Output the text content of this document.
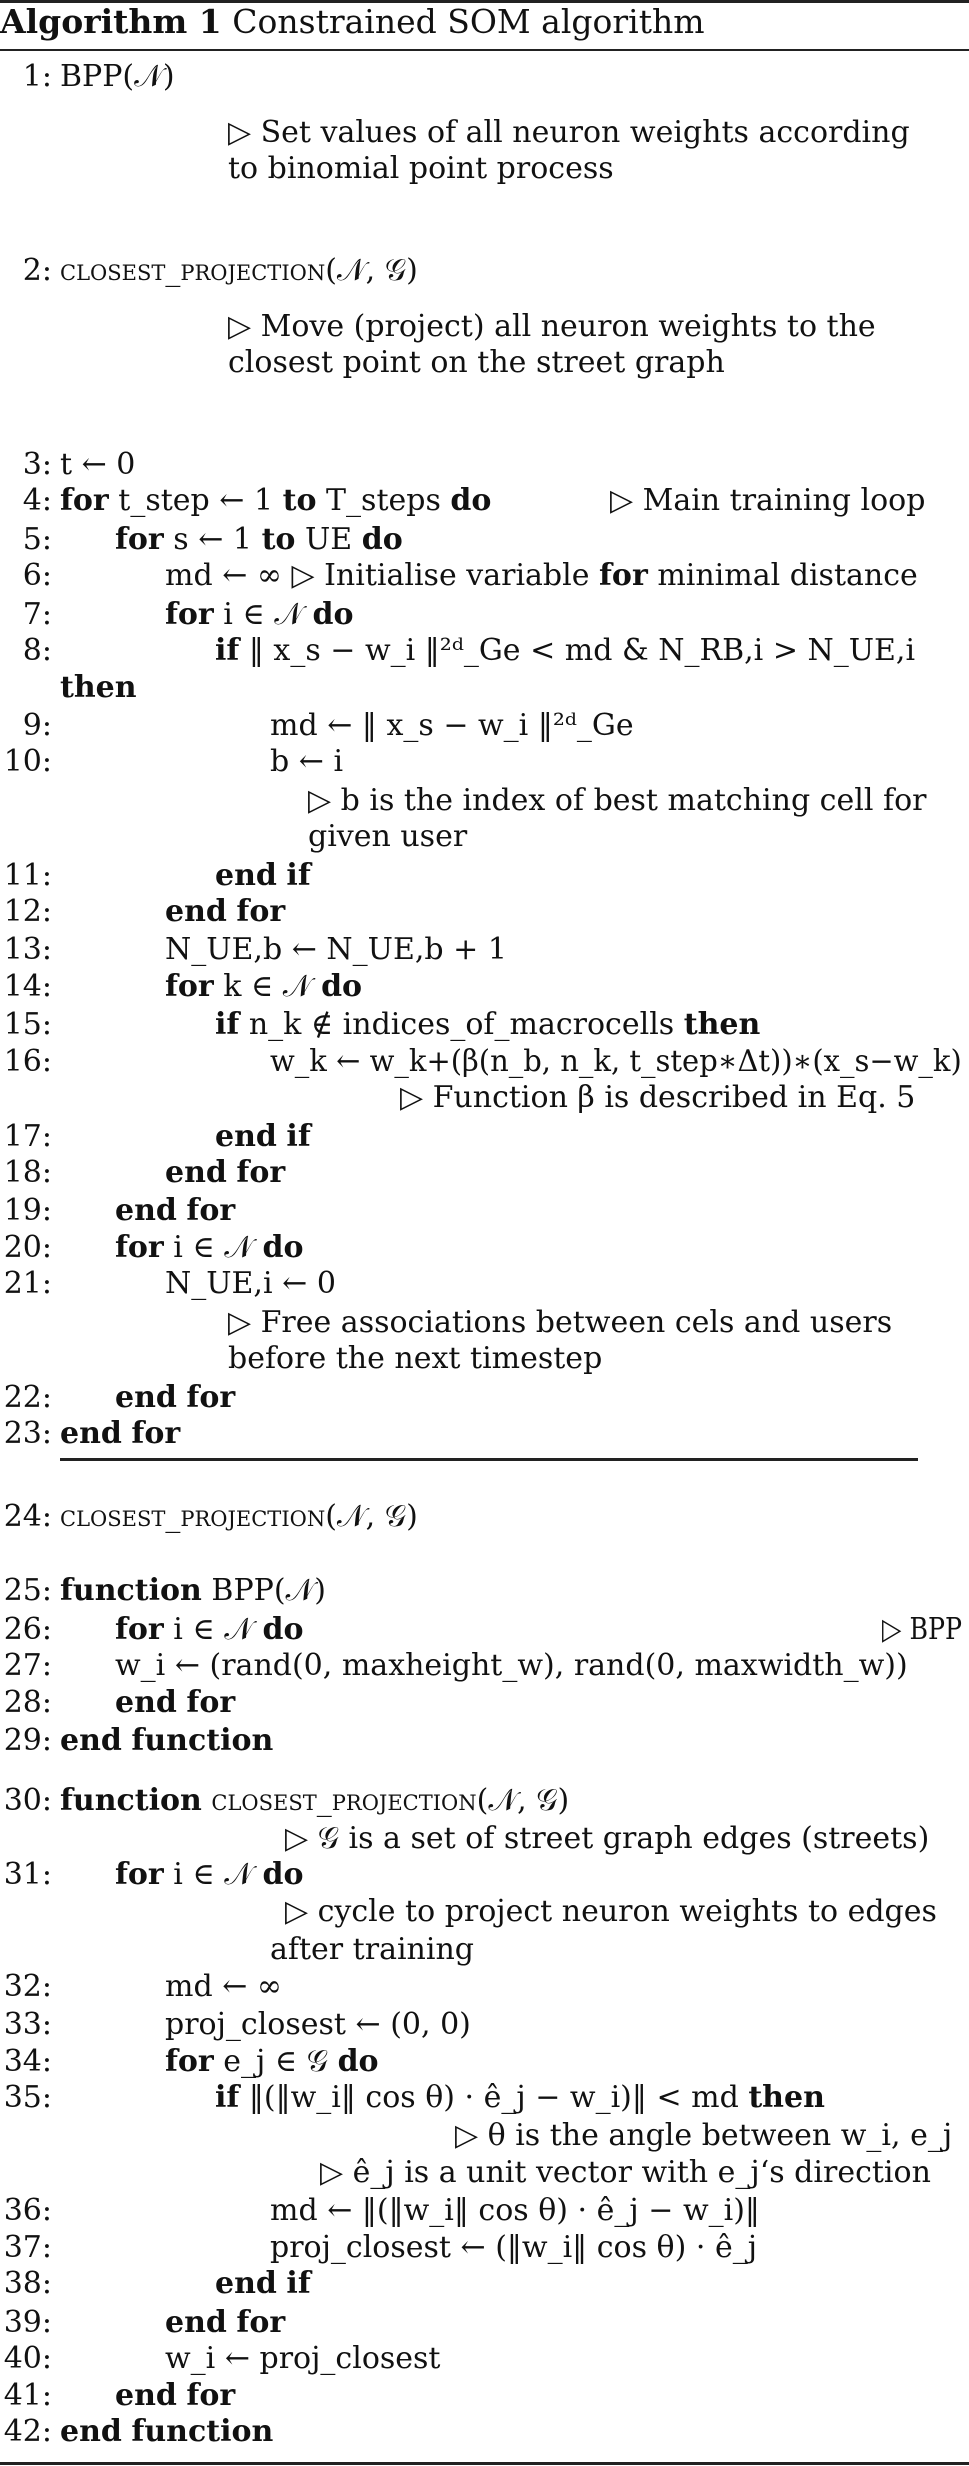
Algorithm 1 Constrained SOM algorithm
1: BPP(𝒩)
▷ Set values of all neuron weights according
to binomial point process
2: closest_projection(𝒩, 𝒢)
▷ Move (project) all neuron weights to the
closest point on the street graph
3: t ← 0
4: for t_step ← 1 to T_steps do	▷ Main training loop
5: for s ← 1 to UE do
6:	md ← ∞ ▷ Initialise variable for minimal distance
7:	for i ∈ 𝒩 do
8:	if ‖ x_s − w_i ‖²ᵈ_Ge < md & N_RB,i > N_UE,i
then
9:	md ← ‖ x_s − w_i ‖²ᵈ_Ge
10:	b ← i
▷ b is the index of best matching cell for
given user
11:	end if
12:	end for
13:	N_UE,b ← N_UE,b + 1
14:	for k ∈ 𝒩 do
15:	if n_k ∉ indices_of_macrocells then
16:	w_k ← w_k+(β(n_b, n_k, t_step∗Δt))∗(x_s−w_k)
▷ Function β is described in Eq. 5
17:	end if
18:	end for
19: end for
20: for i ∈ 𝒩 do
21:	N_UE,i ← 0
▷ Free associations between cels and users
before the next timestep
22: end for
23: end for
24: closest_projection(𝒩, 𝒢)
25: function BPP(𝒩)
26: for i ∈ 𝒩 do	▷ BPP
27: w_i ← (rand(0, maxheight_w), rand(0, maxwidth_w))
28: end for
29: end function
30: function closest_projection(𝒩, 𝒢)
▷ 𝒢 is a set of street graph edges (streets)
31: for i ∈ 𝒩 do
▷ cycle to project neuron weights to edges
after training
32:	md ← ∞
33:	proj_closest ← (0, 0)
34:	for e_j ∈ 𝒢 do
35:	if ‖(‖w_i‖ cos θ) · ê_j − w_i)‖ < md then
▷ θ is the angle between w_i, e_j
▷ ê_j is a unit vector with e_j‘s direction
36:	md ← ‖(‖w_i‖ cos θ) · ê_j − w_i)‖
37:	proj_closest ← (‖w_i‖ cos θ) · ê_j
38:	end if
39:	end for
40:	w_i ← proj_closest
41: end for
42: end function
